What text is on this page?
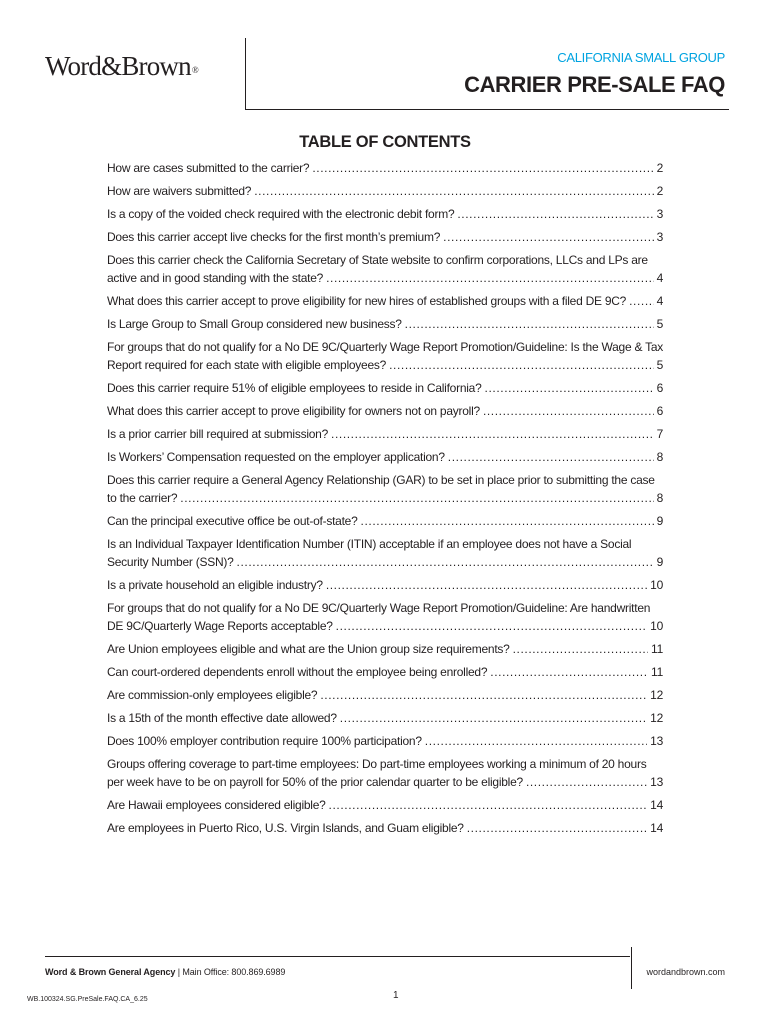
Word&Brown®
CALIFORNIA SMALL GROUP
CARRIER PRE-SALE FAQ
TABLE OF CONTENTS
How are cases submitted to the carrier? .....	2
How are waivers submitted? .....	2
Is a copy of the voided check required with the electronic debit form? .....	3
Does this carrier accept live checks for the first month’s premium? .....	3
Does this carrier check the California Secretary of State website to confirm corporations, LLCs and LPs are
active and in good standing with the state? .....	4
What does this carrier accept to prove eligibility for new hires of established groups with a filed DE 9C? .....	4
Is Large Group to Small Group considered new business? .....	5
For groups that do not qualify for a No DE 9C/Quarterly Wage Report Promotion/Guideline: Is the Wage & Tax
Report required for each state with eligible employees? .....	5
Does this carrier require 51% of eligible employees to reside in California? .....	6
What does this carrier accept to prove eligibility for owners not on payroll? .....	6
Is a prior carrier bill required at submission? .....	7
Is Workers’ Compensation requested on the employer application? .....	8
Does this carrier require a General Agency Relationship (GAR) to be set in place prior to submitting the case
to the carrier? .....	8
Can the principal executive office be out-of-state? .....	9
Is an Individual Taxpayer Identification Number (ITIN) acceptable if an employee does not have a Social
Security Number (SSN)? .....	9
Is a private household an eligible industry? .....	10
For groups that do not qualify for a No DE 9C/Quarterly Wage Report Promotion/Guideline: Are handwritten
DE 9C/Quarterly Wage Reports acceptable? .....	10
Are Union employees eligible and what are the Union group size requirements? .....	11
Can court-ordered dependents enroll without the employee being enrolled? .....	11
Are commission-only employees eligible? .....	12
Is a 15th of the month effective date allowed? .....	12
Does 100% employer contribution require 100% participation? .....	13
Groups offering coverage to part-time employees: Do part-time employees working a minimum of 20 hours
per week have to be on payroll for 50% of the prior calendar quarter to be eligible? .....	13
Are Hawaii employees considered eligible? .....	14
Are employees in Puerto Rico, U.S. Virgin Islands, and Guam eligible? .....	14
Word & Brown General Agency | Main Office: 800.869.6989	wordandbrown.com
WB.100324.SG.PreSale.FAQ.CA_6.25	1
